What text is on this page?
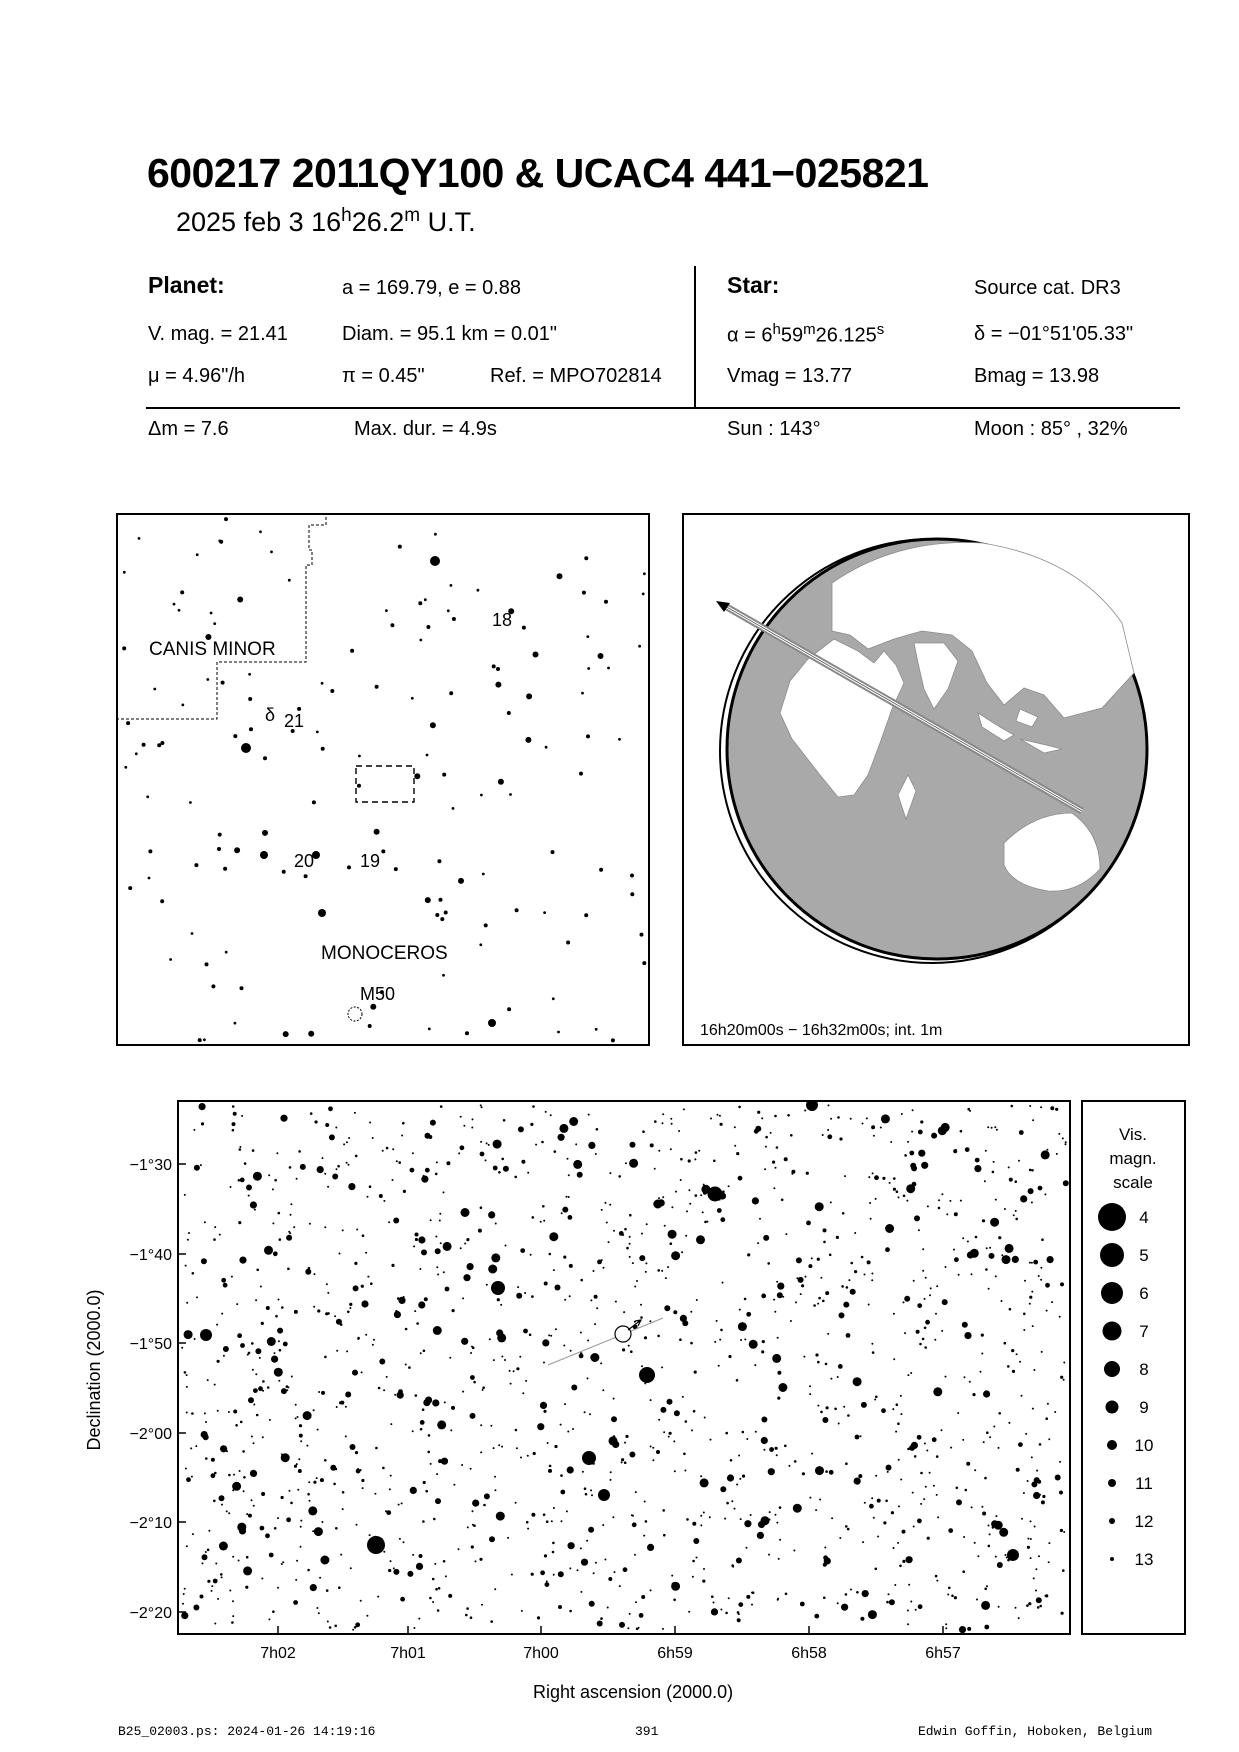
600217 2011QY100 & UCAC4 441−025821
2025 feb 3 16$^h$26.2$^m$ U.T.
Planet:	a = 169.79, e = 0.88
V. mag. = 21.41	Diam. = 95.1 km = 0.01"
μ = 4.96"/h	π = 0.45"	Ref. = MPO702814
Star:	Source cat. DR3
$\alpha = 6^h59^m26.125^s$	δ = −01°51'05.33"
Vmag = 13.77	Bmag = 13.98
Δm = 7.6	Max. dur. = 4.9s	Sun : 143°	Moon : 85° , 32%
CANIS MINOR
MONOCEROS
18
δ 21
20	19
M50
16h20m00s − 16h32m00s; int. 1m
7h02	7h01	7h00	6h59	6h58	6h57
−1°30
−1°40
−1°50
−2°00
−2°10
−2°20
Right ascension (2000.0)
Declination (2000.0)
Vis.
magn.
scale
4
5
6
7
8
9
10
11
12
13
B25_02003.ps: 2024-01-26 14:19:16	391	Edwin Goffin, Hoboken, Belgium
